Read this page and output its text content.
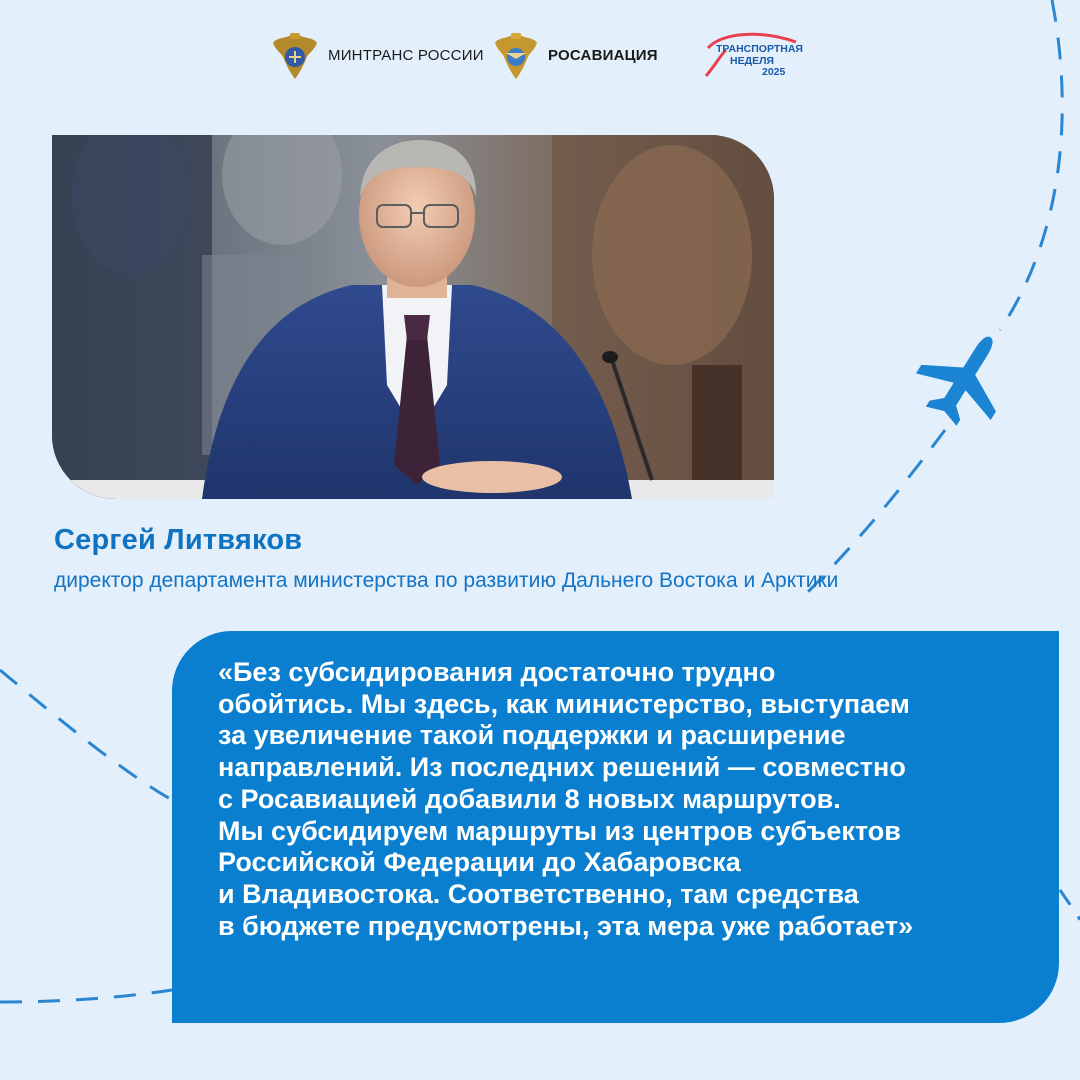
МИНТРАНС РОССИИ	РОСАВИАЦИЯ	ТРАНСПОРТНАЯ
НЕДЕЛЯ
2025
Сергей Литвяков
директор департамента министерства по развитию Дальнего Востока и Арктики

«Без субсидирования достаточно трудно
обойтись. Мы здесь, как министерство, выступаем
за увеличение такой поддержки и расширение
направлений. Из последних решений — совместно
с Росавиацией добавили 8 новых маршрутов.
Мы субсидируем маршруты из центров субъектов
Российской Федерации до Хабаровска
и Владивостока. Соответственно, там средства
в бюджете предусмотрены, эта мера уже работает»
